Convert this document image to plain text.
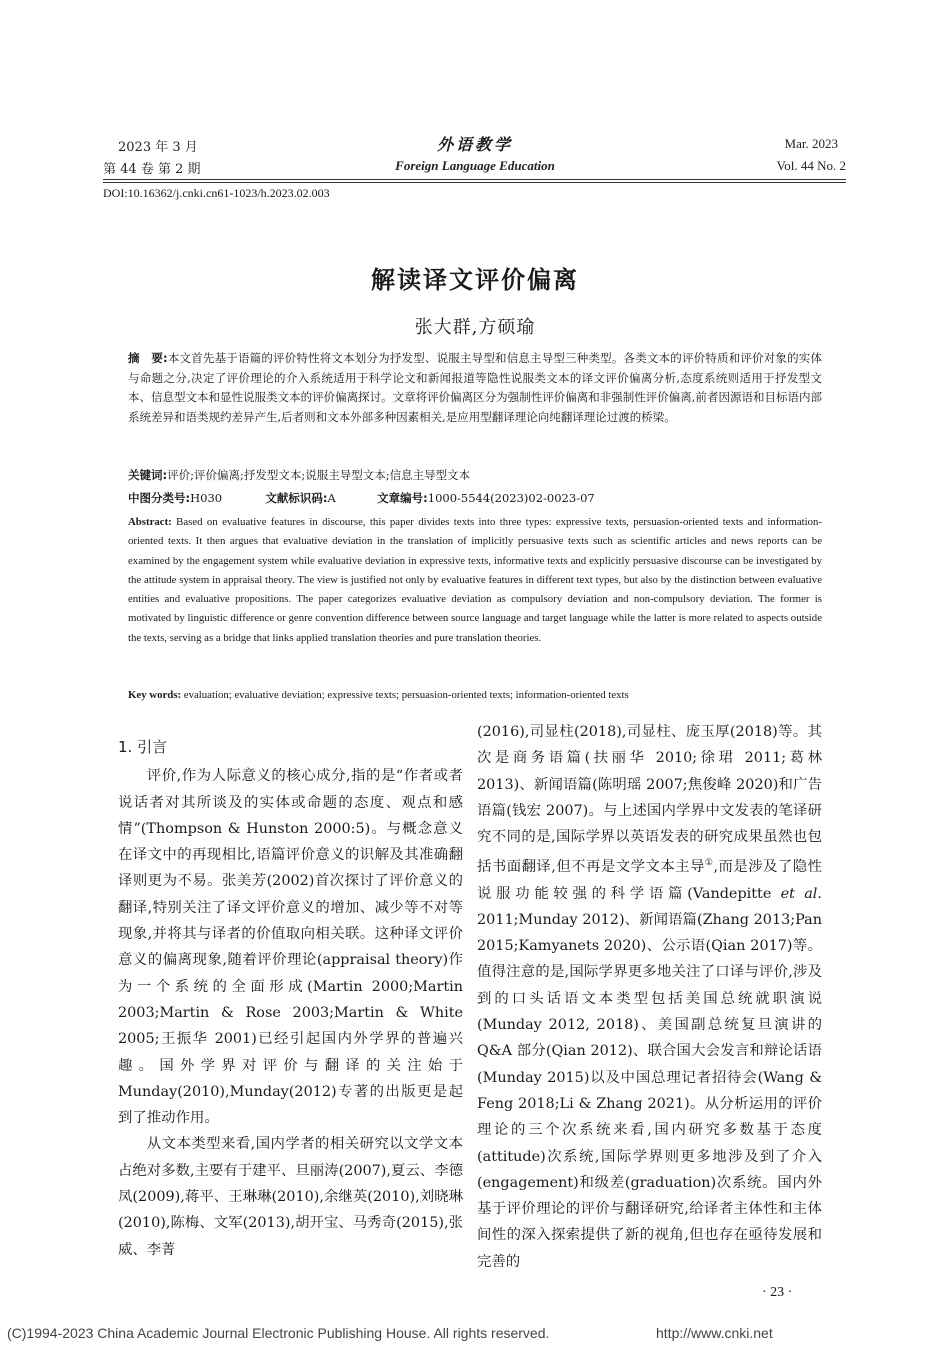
2023 年 3 月
第 44 卷 第 2 期
外语教学
Foreign Language Education
Mar. 2023
Vol. 44 No. 2
DOI:10.16362/j.cnki.cn61-1023/h.2023.02.003
解读译文评价偏离
张大群,方硕瑜
摘　要:本文首先基于语篇的评价特性将文本划分为抒发型、说服主导型和信息主导型三种类型。各类文本的评价特质和评价对象的实体与命题之分,决定了评价理论的介入系统适用于科学论文和新闻报道等隐性说服类文本的译文评价偏离分析,态度系统则适用于抒发型文本、信息型文本和显性说服类文本的评价偏离探讨。文章将评价偏离区分为强制性评价偏离和非强制性评价偏离,前者因源语和目标语内部系统差异和语类规约差异产生,后者则和文本外部多种因素相关,是应用型翻译理论向纯翻译理论过渡的桥梁。
关键词:评价;评价偏离;抒发型文本;说服主导型文本;信息主导型文本
中图分类号:H030	文献标识码:A	文章编号:1000-5544(2023)02-0023-07
Abstract: Based on evaluative features in discourse, this paper divides texts into three types: expressive texts, persuasion-oriented texts and information-oriented texts. It then argues that evaluative deviation in the translation of implicitly persuasive texts such as scientific articles and news reports can be examined by the engagement system while evaluative deviation in expressive texts, informative texts and explicitly persuasive discourse can be investigated by the attitude system in appraisal theory. The view is justified not only by evaluative features in different text types, but also by the distinction between evaluative entities and evaluative propositions. The paper categorizes evaluative deviation as compulsory deviation and non-compulsory deviation. The former is motivated by linguistic difference or genre convention difference between source language and target language while the latter is more related to aspects outside the texts, serving as a bridge that links applied translation theories and pure translation theories.
Key words: evaluation; evaluative deviation; expressive texts; persuasion-oriented texts; information-oriented texts
1. 引言

评价,作为人际意义的核心成分,指的是“作者或者说话者对其所谈及的实体或命题的态度、观点和感情”(Thompson & Hunston 2000:5)。与概念意义在译文中的再现相比,语篇评价意义的识解及其准确翻译则更为不易。张美芳(2002)首次探讨了评价意义的翻译,特别关注了译文评价意义的增加、减少等不对等现象,并将其与译者的价值取向相关联。这种译文评价意义的偏离现象,随着评价理论(appraisal theory)作为一个系统的全面形成(Martin 2000;Martin 2003;Martin & Rose 2003;Martin & White 2005;王振华 2001)已经引起国内外学界的普遍兴趣。国外学界对评价与翻译的关注始于 Munday(2010),Munday(2012)专著的出版更是起到了推动作用。

从文本类型来看,国内学者的相关研究以文学文本占绝对多数,主要有于建平、旦丽涛(2007),夏云、李德凤(2009),蒋平、王琳琳(2010),余继英(2010),刘晓琳(2010),陈梅、文军(2013),胡开宝、马秀奇(2015),张威、李菁

(2016),司显柱(2018),司显柱、庞玉厚(2018)等。其次是商务语篇(扶丽华 2010;徐珺 2011;葛林 2013)、新闻语篇(陈明瑶 2007;焦俊峰 2020)和广告语篇(钱宏 2007)。与上述国内学界中文发表的笔译研究不同的是,国际学界以英语发表的研究成果虽然也包括书面翻译,但不再是文学文本主导①,而是涉及了隐性说服功能较强的科学语篇(Vandepitte et al. 2011;Munday 2012)、新闻语篇(Zhang 2013;Pan 2015;Kamyanets 2020)、公示语(Qian 2017)等。值得注意的是,国际学界更多地关注了口译与评价,涉及到的口头话语文本类型包括美国总统就职演说(Munday 2012, 2018)、美国副总统复旦演讲的 Q&A 部分(Qian 2012)、联合国大会发言和辩论话语(Munday 2015)以及中国总理记者招待会(Wang & Feng 2018;Li & Zhang 2021)。从分析运用的评价理论的三个次系统来看,国内研究多数基于态度(attitude)次系统,国际学界则更多地涉及到了介入(engagement)和级差(graduation)次系统。国内外基于评价理论的评价与翻译研究,给译者主体性和主体间性的深入探索提供了新的视角,但也存在亟待发展和完善的

· 23 ·
(C)1994-2023 China Academic Journal Electronic Publishing House. All rights reserved.	http://www.cnki.net
